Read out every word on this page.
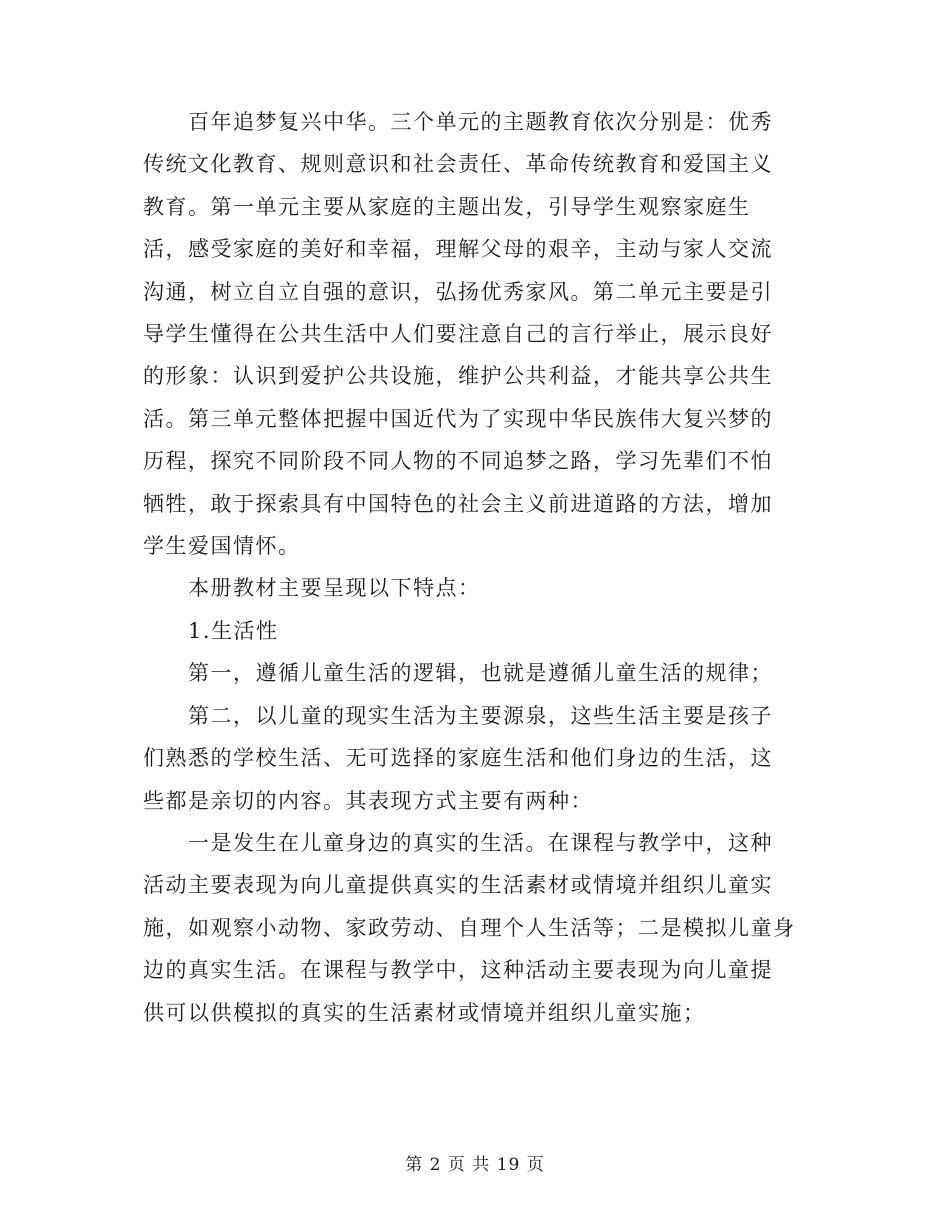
百年追梦复兴中华。三个单元的主题教育依次分别是：优秀
传统文化教育、规则意识和社会责任、革命传统教育和爱国主义
教育。第一单元主要从家庭的主题出发，引导学生观察家庭生
活，感受家庭的美好和幸福，理解父母的艰辛，主动与家人交流
沟通，树立自立自强的意识，弘扬优秀家风。第二单元主要是引
导学生懂得在公共生活中人们要注意自己的言行举止，展示良好
的形象：认识到爱护公共设施，维护公共利益，才能共享公共生
活。第三单元整体把握中国近代为了实现中华民族伟大复兴梦的
历程，探究不同阶段不同人物的不同追梦之路，学习先辈们不怕
牺牲，敢于探索具有中国特色的社会主义前进道路的方法，增加
学生爱国情怀。

本册教材主要呈现以下特点：

1.生活性

第一，遵循儿童生活的逻辑，也就是遵循儿童生活的规律；

第二，以儿童的现实生活为主要源泉，这些生活主要是孩子
们熟悉的学校生活、无可选择的家庭生活和他们身边的生活，这
些都是亲切的内容。其表现方式主要有两种：

一是发生在儿童身边的真实的生活。在课程与教学中，这种
活动主要表现为向儿童提供真实的生活素材或情境并组织儿童实
施，如观察小动物、家政劳动、自理个人生活等；二是模拟儿童身
边的真实生活。在课程与教学中，这种活动主要表现为向儿童提
供可以供模拟的真实的生活素材或情境并组织儿童实施；

第 2 页 共 19 页
